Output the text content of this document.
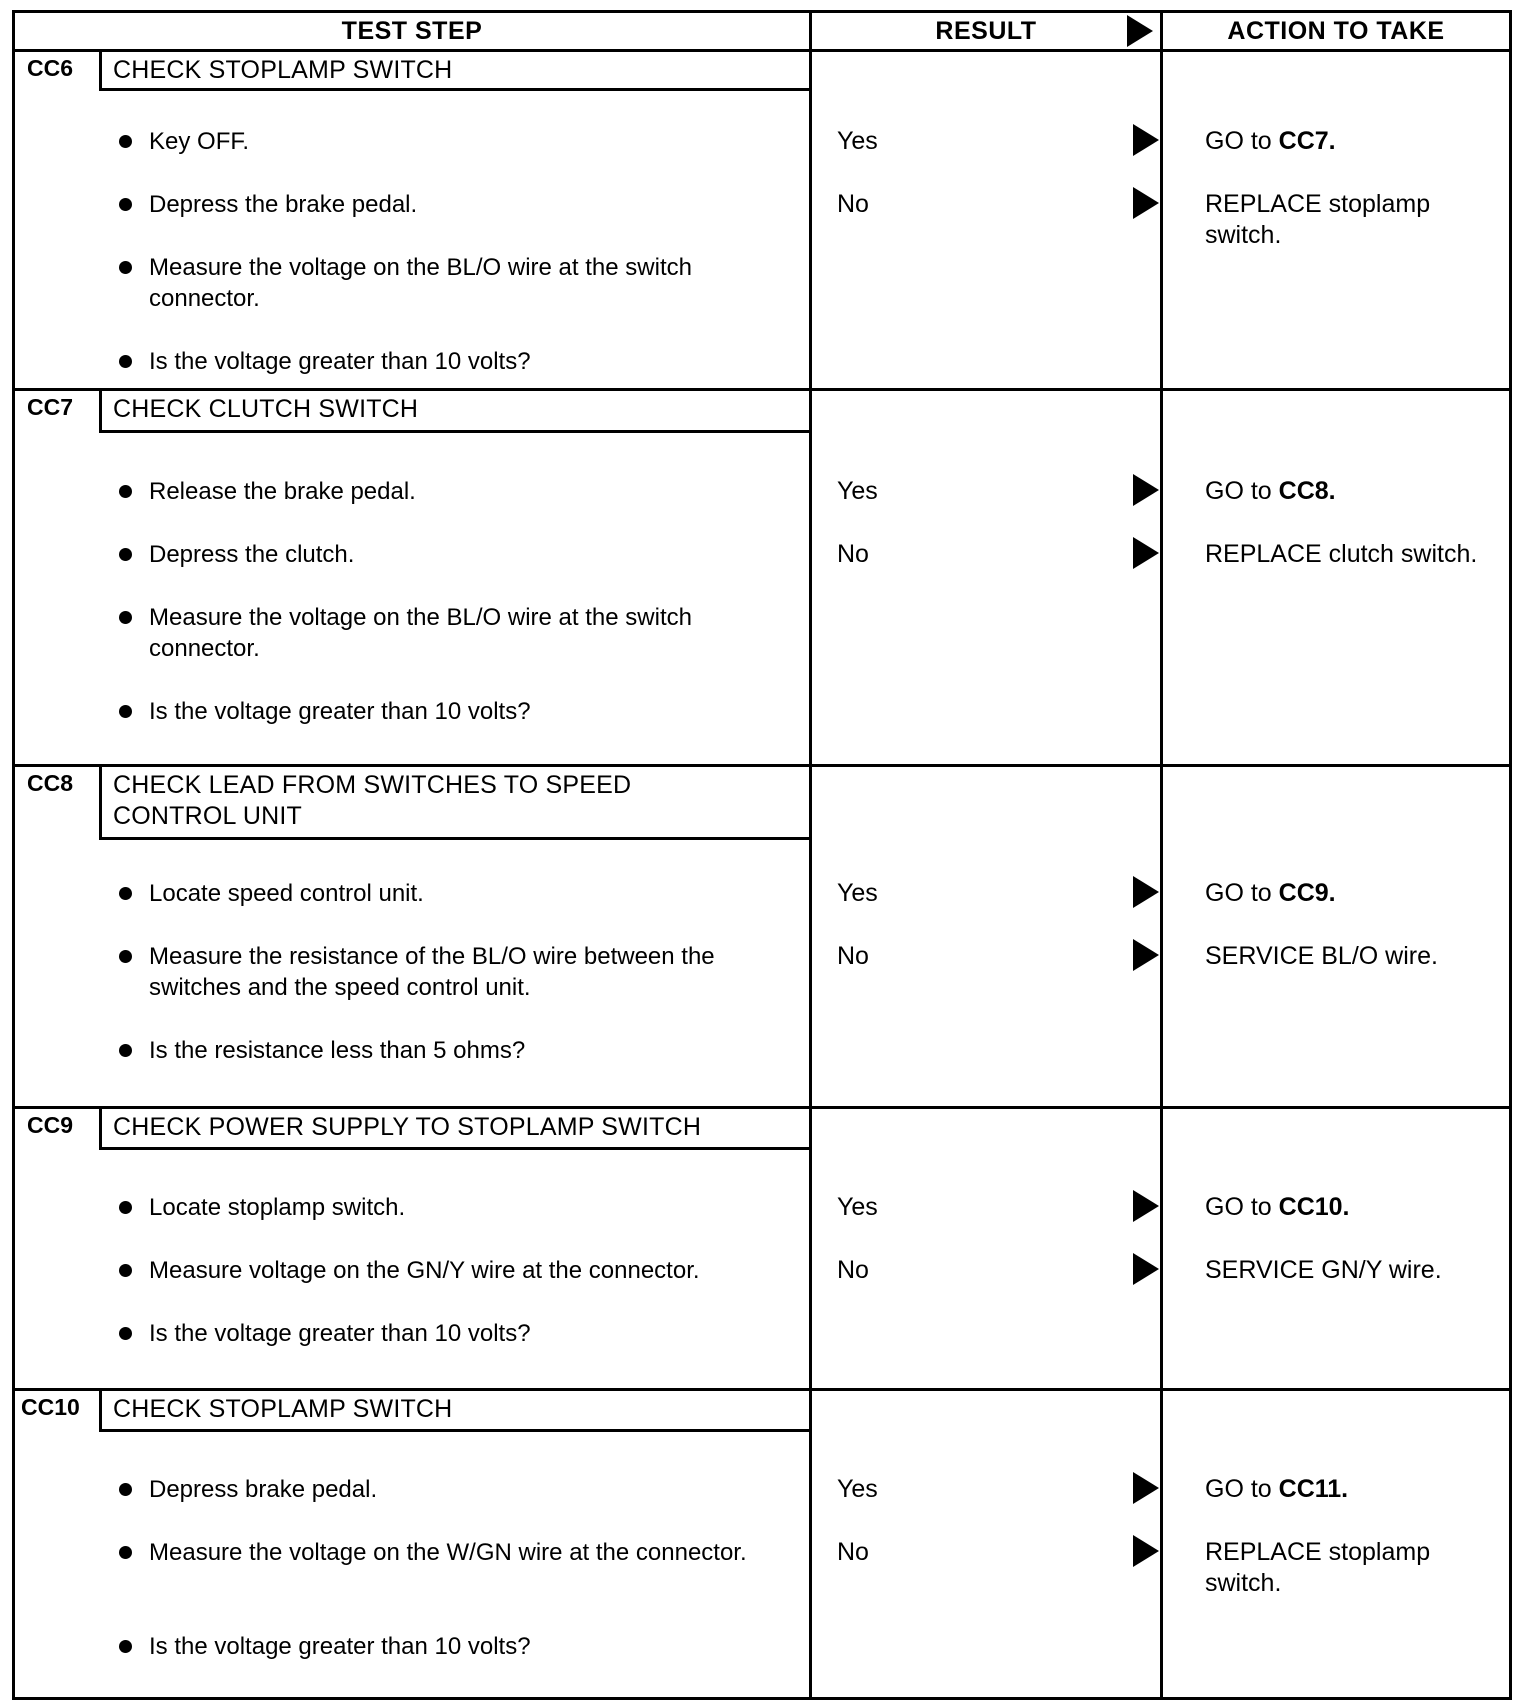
TEST STEP	RESULT	ACTION TO TAKE
CC6	CHECK STOPLAMP SWITCH
Key OFF.
Depress the brake pedal.
Measure the voltage on the BL/O wire at the switch connector.
Is the voltage greater than 10 volts?
Yes	GO to CC7.
No	REPLACE stoplamp switch.
CC7	CHECK CLUTCH SWITCH
Release the brake pedal.
Depress the clutch.
Measure the voltage on the BL/O wire at the switch connector.
Is the voltage greater than 10 volts?
Yes	GO to CC8.
No	REPLACE clutch switch.
CC8	CHECK LEAD FROM SWITCHES TO SPEED CONTROL UNIT
Locate speed control unit.
Measure the resistance of the BL/O wire between the switches and the speed control unit.
Is the resistance less than 5 ohms?
Yes	GO to CC9.
No	SERVICE BL/O wire.
CC9	CHECK POWER SUPPLY TO STOPLAMP SWITCH
Locate stoplamp switch.
Measure voltage on the GN/Y wire at the connector.
Is the voltage greater than 10 volts?
Yes	GO to CC10.
No	SERVICE GN/Y wire.
CC10	CHECK STOPLAMP SWITCH
Depress brake pedal.
Measure the voltage on the W/GN wire at the connector.
Is the voltage greater than 10 volts?
Yes	GO to CC11.
No	REPLACE stoplamp switch.
